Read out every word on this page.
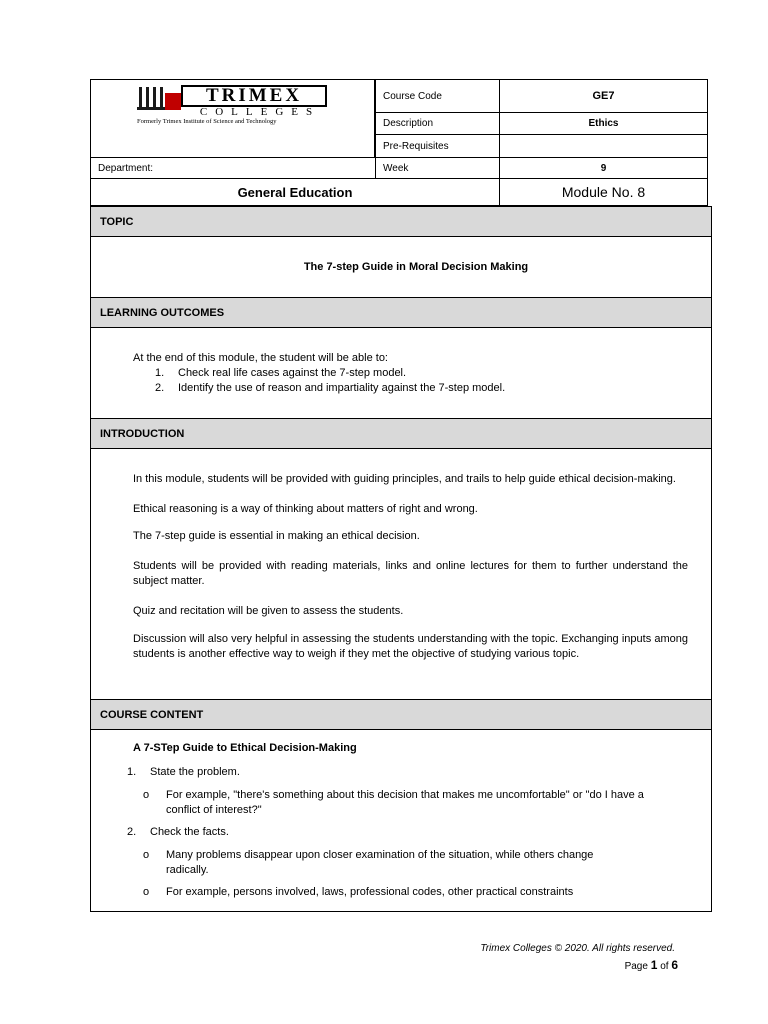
TRIMEX
COLLEGES
Formerly Trimex Institute of Science and Technology
Course Code	GE7
Description	Ethics
Pre-Requisites
Department:	Week	9
General Education	Module No. 8
TOPIC
The 7-step Guide in Moral Decision Making
LEARNING OUTCOMES

At the end of this module, the student will be able to:

1.	Check real life cases against the 7-step model.
2.	Identify the use of reason and impartiality against the 7-step model.
INTRODUCTION

In this module, students will be provided with guiding principles, and trails to help guide ethical decision-making.

Ethical reasoning is a way of thinking about matters of right and wrong.

The 7-step guide is essential in making an ethical decision.

Students will be provided with reading materials, links and online lectures for them to further understand the subject matter.

Quiz and recitation will be given to assess the students.

Discussion will also very helpful in assessing the students understanding with the topic. Exchanging inputs among students is another effective way to weigh if they met the objective of studying various topic.

COURSE CONTENT

A 7-STep Guide to Ethical Decision-Making

1.	State the problem.
o	For example, "there's something about this decision that makes me uncomfortable" or "do I have a conflict of interest?"
2.	Check the facts.
o	Many problems disappear upon closer examination of the situation, while others change radically.
o	For example, persons involved, laws, professional codes, other practical constraints
Trimex Colleges © 2020. All rights reserved.
Page 1 of 6
